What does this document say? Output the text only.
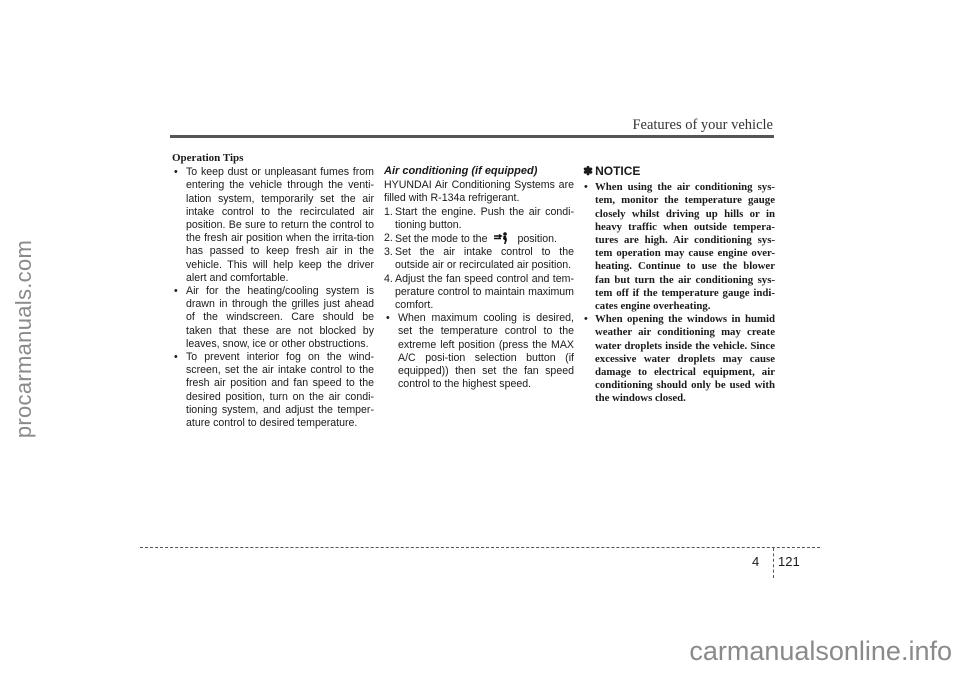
procarmanuals.com
Features of your vehicle

Operation Tips

• To keep dust or unpleasant fumes from entering the vehicle through the venti-lation system, temporarily set the air intake control to the recirculated air position. Be sure to return the control to the fresh air position when the irrita-tion has passed to keep fresh air in the vehicle. This will help keep the driver alert and comfortable.

• Air for the heating/cooling system is drawn in through the grilles just ahead of the windscreen. Care should be taken that these are not blocked by leaves, snow, ice or other obstructions.

• To prevent interior fog on the wind-screen, set the air intake control to the fresh air position and fan speed to the desired position, turn on the air condi-tioning system, and adjust the temper-ature control to desired temperature.

Air conditioning (if equipped)

HYUNDAI Air Conditioning Systems are filled with R-134a refrigerant.

1. Start the engine. Push the air condi-tioning button.

2. Set the mode to the	position.

3. Set the air intake control to the outside air or recirculated air position.

4. Adjust the fan speed control and tem-perature control to maintain maximum comfort.

• When maximum cooling is desired, set the temperature control to the extreme left position (press the MAX A/C posi-tion selection button (if equipped)) then set the fan speed control to the highest speed.

✽ NOTICE

• When using the air conditioning sys-tem, monitor the temperature gauge closely whilst driving up hills or in heavy traffic when outside tempera-tures are high. Air conditioning sys-tem operation may cause engine over-heating. Continue to use the blower fan but turn the air conditioning sys-tem off if the temperature gauge indi-cates engine overheating.

• When opening the windows in humid weather air conditioning may create water droplets inside the vehicle. Since excessive water droplets may cause damage to electrical equipment, air conditioning should only be used with the windows closed.

4 121
carmanualsonline.info
